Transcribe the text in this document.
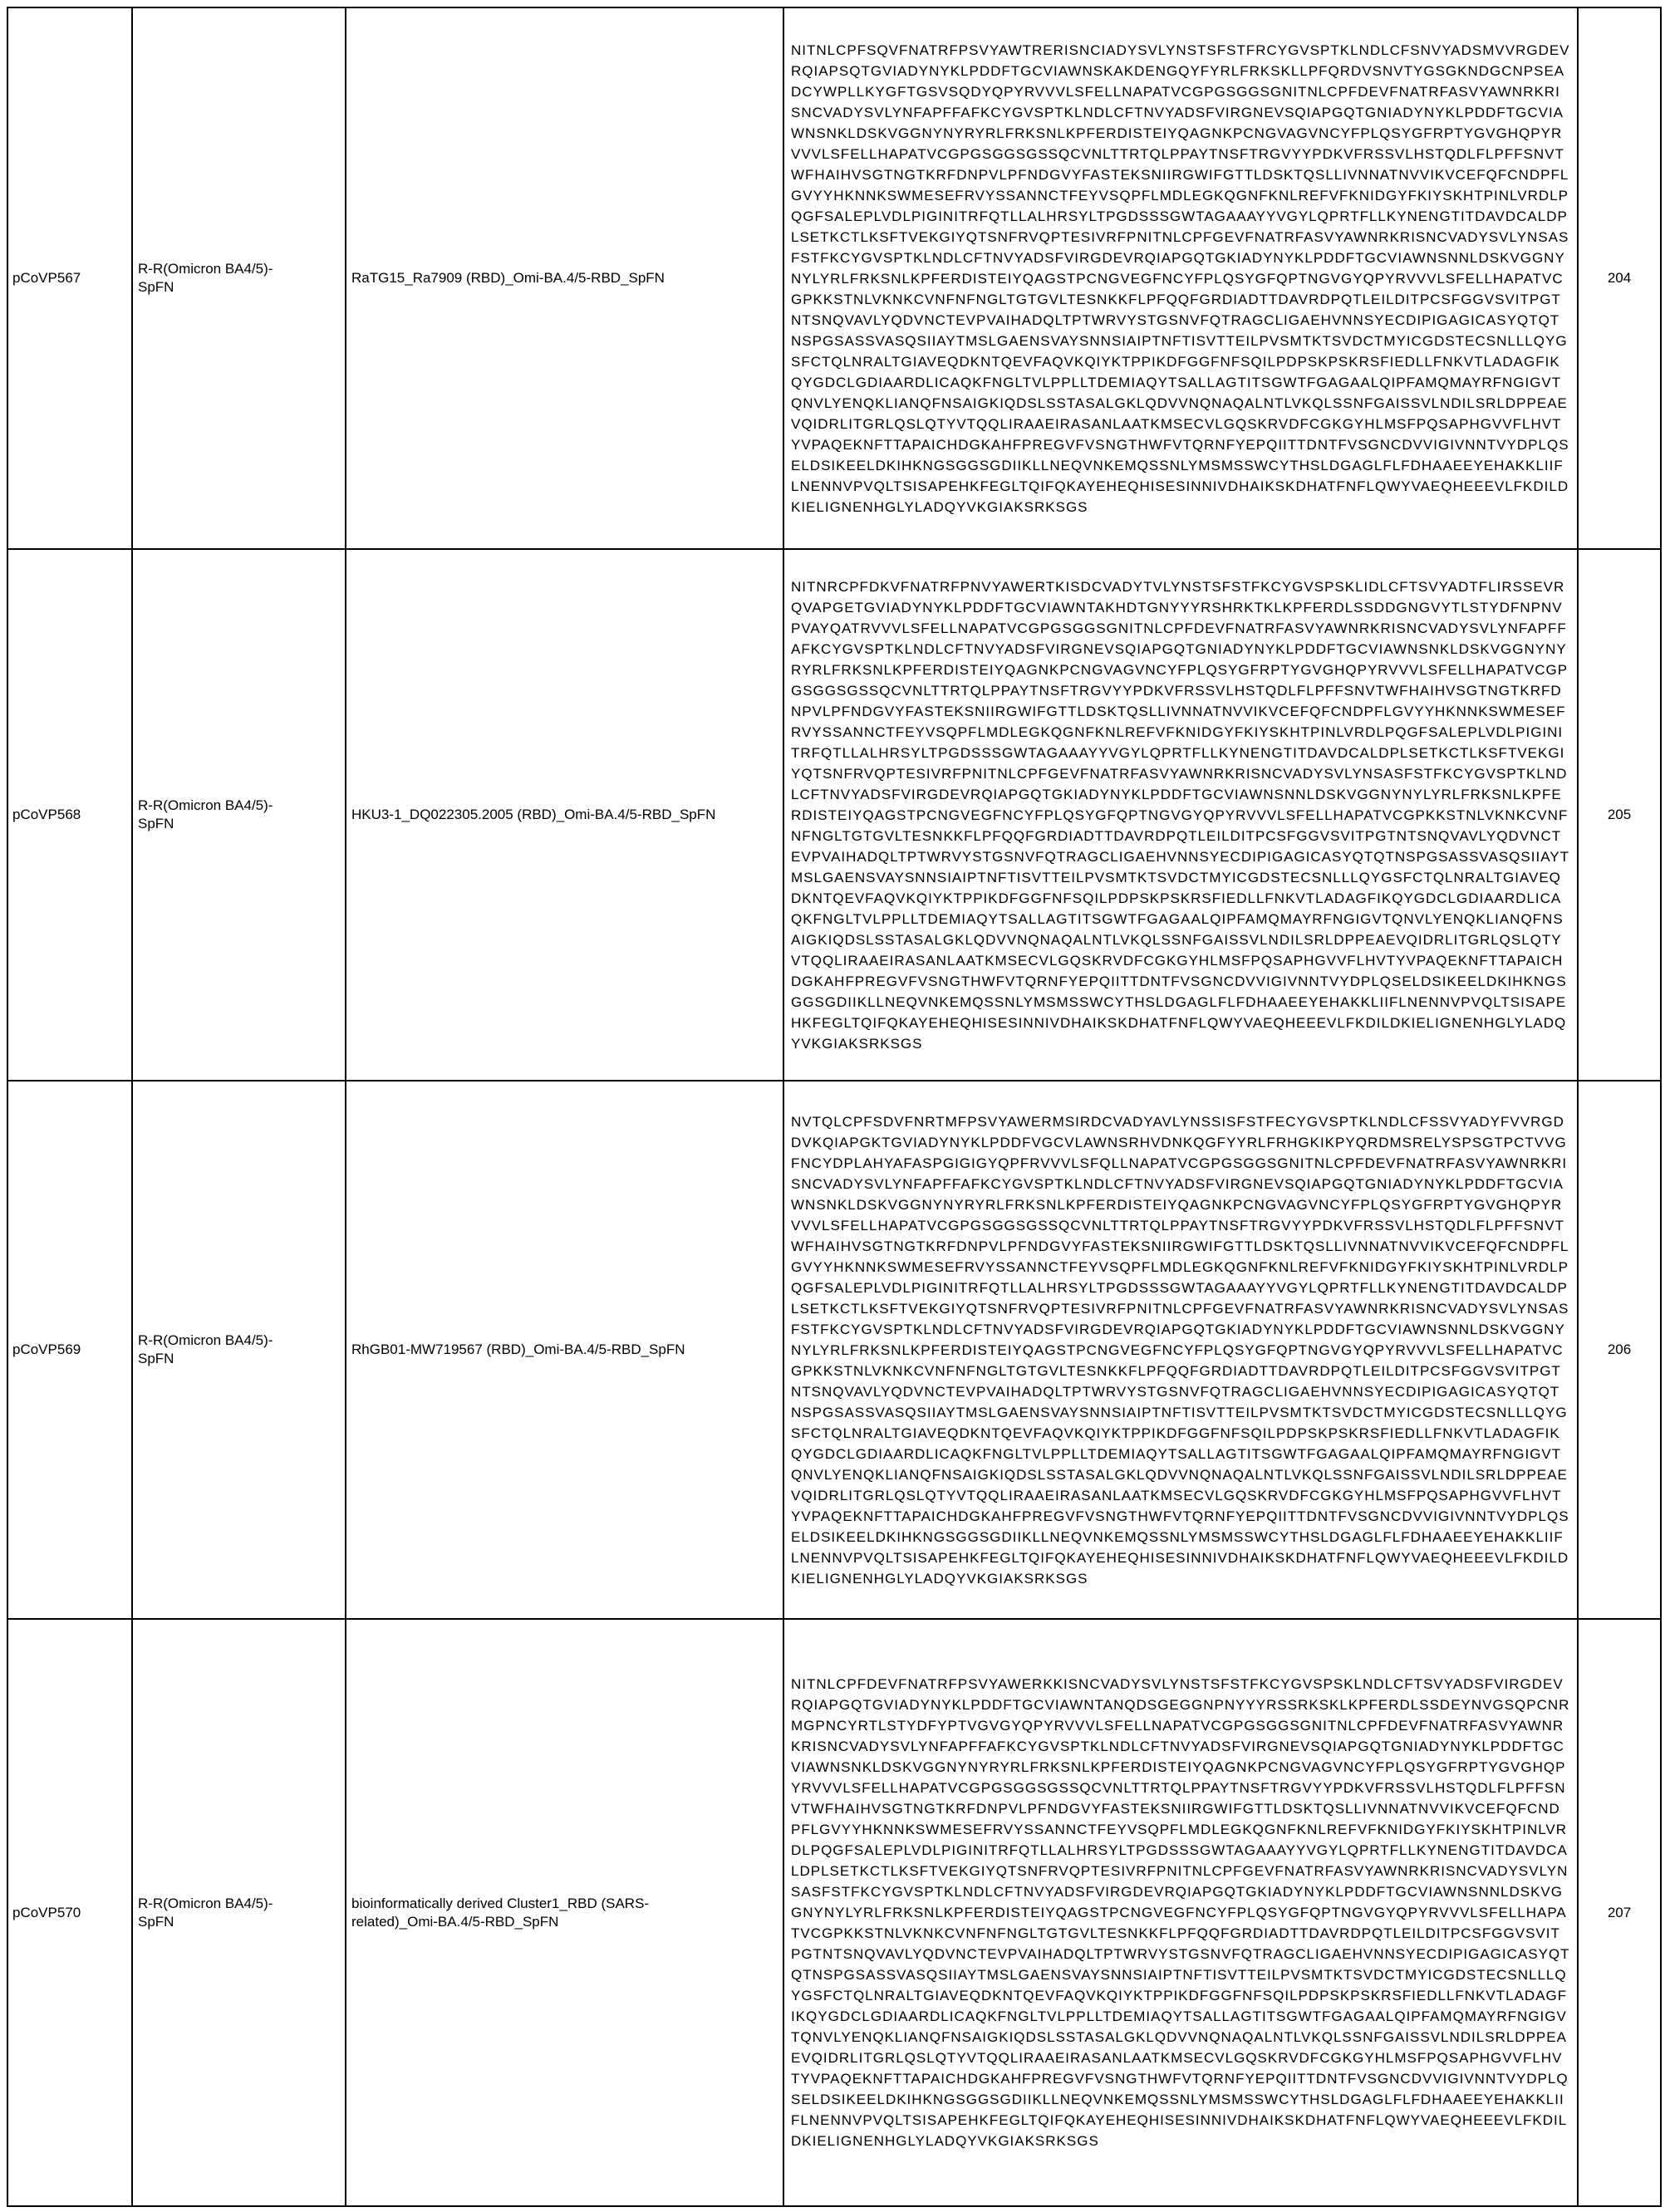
pCoVP567	R-R(Omicron BA4/5)-SpFN	RaTG15_Ra7909 (RBD)_Omi-BA.4/5-RBD_SpFN	NITNLCPFSQVFNATRFPSVYAWTRERISNCIADYSVLYNSTSFSTFRCYGVSPTKLNDLCFSNVYADSMVVRGDEVRQIAPSQTGVIADYNYKLPDDFTGCVIAWNSKAKDENGQYFYRLFRKSKLLPFQRDVSNVTYGSGKNDGCNPSEADCYWPLLKYGFTGSVSQDYQPYRVVVLSFELLNAPATVCGPGSGGSGNITNLCPFDEVFNATRFASVYAWNRKRISNCVADYSVLYNFAPFFAFKCYGVSPTKLNDLCFTNVYADSFVIRGNEVSQIAPGQTGNIADYNYKLPDDFTGCVIAWNSNKLDSKVGGNYNYRYRLFRKSNLKPFERDISTEIYQAGNKPCNGVAGVNCYFPLQSYGFRPTYGVGHQPYRVVVLSFELLHAPATVCGPGSGGSGSSQCVNLTTRTQLPPAYTNSFTRGVYYPDKVFRSSVLHSTQDLFLPFFSNVTWFHAIHVSGTNGTKRFDNPVLPFNDGVYFASTEKSNIIRGWIFGTTLDSKTQSLLIVNNATNVVIKVCEFQFCNDPFLGVYYHKNNKSWMESEFRVYSSANNCTFEYVSQPFLMDLEGKQGNFKNLREFVFKNIDGYFKIYSKHTPINLVRDLPQGFSALEPLVDLPIGINITRFQTLLALHRSYLTPGDSSSGWTAGAAAYYVGYLQPRTFLLKYNENGTITDAVDCALDPLSETKCTLKSFTVEKGIYQTSNFRVQPTESIVRFPNITNLCPFGEVFNATRFASVYAWNRKRISNCVADYSVLYNSASFSTFKCYGVSPTKLNDLCFTNVYADSFVIRGDEVRQIAPGQTGKIADYNYKLPDDFTGCVIAWNSNNLDSKVGGNYNYLYRLFRKSNLKPFERDISTEIYQAGSTPCNGVEGFNCYFPLQSYGFQPTNGVGYQPYRVVVLSFELLHAPATVCGPKKSTNLVKNKCVNFNFNGLTGTGVLTESNKKFLPFQQFGRDIADTTDAVRDPQTLEILDITPCSFGGVSVITPGTNTSNQVAVLYQDVNCTEVPVAIHADQLTPTWRVYSTGSNVFQTRAGCLIGAEHVNNSYECDIPIGAGICASYQTQTNSPGSASSVASQSIIAYTMSLGAENSVAYSNNSIAIPTNFTISVTTEILPVSMTKTSVDCTMYICGDSTECSNLLLQYGSFCTQLNRALTGIAVEQDKNTQEVFAQVKQIYKTPPIKDFGGFNFSQILPDPSKPSKRSFIEDLLFNKVTLADAGFIKQYGDCLGDIAARDLICAQKFNGLTVLPPLLTDEMIAQYTSALLAGTITSGWTFGAGAALQIPFAMQMAYRFNGIGVTQNVLYENQKLIANQFNSAIGKIQDSLSSTASALGKLQDVVNQNAQALNTLVKQLSSNFGAISSVLNDILSRLDPPEAEVQIDRLITGRLQSLQTYVTQQLIRAAEIRASANLAATKMSECVLGQSKRVDFCGKGYHLMSFPQSAPHGVVFLHVTYVPAQEKNFTTAPAICHDGKAHFPREGVFVSNGTHWFVTQRNFYEPQIITTDNTFVSGNCDVVIGIVNNTVYDPLQSELDSIKEELDKIHKNGSGGSGDIIKLLNEQVNKEMQSSNLYMSMSSWCYTHSLDGAGLFLFDHAAEEYEHAKKLIIFLNENNVPVQLTSISAPEHKFEGLTQIFQKAYEHEQHISESINNIVDHAIKSKDHATFNFLQWYVAEQHEEEVLFKDILDKIELIGNENHGLYLADQYVKGIAKSRKSGS	204
pCoVP568	R-R(Omicron BA4/5)-SpFN	HKU3-1_DQ022305.2005 (RBD)_Omi-BA.4/5-RBD_SpFN	NITNRCPFDKVFNATRFPNVYAWERTKISDCVADYTVLYNSTSFSTFKCYGVSPSKLIDLCFTSVYADTFLIRSSEVRQVAPGETGVIADYNYKLPDDFTGCVIAWNTAKHDTGNYYYRSHRKTKLKPFERDLSSDDGNGVYTLSTYDFNPNVPVAYQATRVVVLSFELLNAPATVCGPGSGGSGNITNLCPFDEVFNATRFASVYAWNRKRISNCVADYSVLYNFAPFFAFKCYGVSPTKLNDLCFTNVYADSFVIRGNEVSQIAPGQTGNIADYNYKLPDDFTGCVIAWNSNKLDSKVGGNYNYRYRLFRKSNLKPFERDISTEIYQAGNKPCNGVAGVNCYFPLQSYGFRPTYGVGHQPYRVVVLSFELLHAPATVCGPGSGGSGSSQCVNLTTRTQLPPAYTNSFTRGVYYPDKVFRSSVLHSTQDLFLPFFSNVTWFHAIHVSGTNGTKRFDNPVLPFNDGVYFASTEKSNIIRGWIFGTTLDSKTQSLLIVNNATNVVIKVCEFQFCNDPFLGVYYHKNNKSWMESEFRVYSSANNCTFEYVSQPFLMDLEGKQGNFKNLREFVFKNIDGYFKIYSKHTPINLVRDLPQGFSALEPLVDLPIGINITRFQTLLALHRSYLTPGDSSSGWTAGAAAYYVGYLQPRTFLLKYNENGTITDAVDCALDPLSETKCTLKSFTVEKGIYQTSNFRVQPTESIVRFPNITNLCPFGEVFNATRFASVYAWNRKRISNCVADYSVLYNSASFSTFKCYGVSPTKLNDLCFTNVYADSFVIRGDEVRQIAPGQTGKIADYNYKLPDDFTGCVIAWNSNNLDSKVGGNYNYLYRLFRKSNLKPFERDISTEIYQAGSTPCNGVEGFNCYFPLQSYGFQPTNGVGYQPYRVVVLSFELLHAPATVCGPKKSTNLVKNKCVNFNFNGLTGTGVLTESNKKFLPFQQFGRDIADTTDAVRDPQTLEILDITPCSFGGVSVITPGTNTSNQVAVLYQDVNCTEVPVAIHADQLTPTWRVYSTGSNVFQTRAGCLIGAEHVNNSYECDIPIGAGICASYQTQTNSPGSASSVASQSIIAYTMSLGAENSVAYSNNSIAIPTNFTISVTTEILPVSMTKTSVDCTMYICGDSTECSNLLLQYGSFCTQLNRALTGIAVEQDKNTQEVFAQVKQIYKTPPIKDFGGFNFSQILPDPSKPSKRSFIEDLLFNKVTLADAGFIKQYGDCLGDIAARDLICAQKFNGLTVLPPLLTDEMIAQYTSALLAGTITSGWTFGAGAALQIPFAMQMAYRFNGIGVTQNVLYENQKLIANQFNSAIGKIQDSLSSTASALGKLQDVVNQNAQALNTLVKQLSSNFGAISSVLNDILSRLDPPEAEVQIDRLITGRLQSLQTYVTQQLIRAAEIRASANLAATKMSECVLGQSKRVDFCGKGYHLMSFPQSAPHGVVFLHVTYVPAQEKNFTTAPAICHDGKAHFPREGVFVSNGTHWFVTQRNFYEPQIITTDNTFVSGNCDVVIGIVNNTVYDPLQSELDSIKEELDKIHKNGSGGSGDIIKLLNEQVNKEMQSSNLYMSMSSWCYTHSLDGAGLFLFDHAAEEYEHAKKLIIFLNENNVPVQLTSISAPEHKFEGLTQIFQKAYEHEQHISESINNIVDHAIKSKDHATFNFLQWYVAEQHEEEVLFKDILDKIELIGNENHGLYLADQYVKGIAKSRKSGS	205
pCoVP569	R-R(Omicron BA4/5)-SpFN	RhGB01-MW719567 (RBD)_Omi-BA.4/5-RBD_SpFN	NVTQLCPFSDVFNRTMFPSVYAWERMSIRDCVADYAVLYNSSISFSTFECYGVSPTKLNDLCFSSVYADYFVVRGDDVKQIAPGKTGVIADYNYKLPDDFVGCVLAWNSRHVDNKQGFYYRLFRHGKIKPYQRDMSRELYSPSGTPCTVVGFNCYDPLAHYAFASPGIGIGYQPFRVVVLSFQLLNAPATVCGPGSGGSGNITNLCPFDEVFNATRFASVYAWNRKRISNCVADYSVLYNFAPFFAFKCYGVSPTKLNDLCFTNVYADSFVIRGNEVSQIAPGQTGNIADYNYKLPDDFTGCVIAWNSNKLDSKVGGNYNYRYRLFRKSNLKPFERDISTEIYQAGNKPCNGVAGVNCYFPLQSYGFRPTYGVGHQPYRVVVLSFELLHAPATVCGPGSGGSGSSQCVNLTTRTQLPPAYTNSFTRGVYYPDKVFRSSVLHSTQDLFLPFFSNVTWFHAIHVSGTNGTKRFDNPVLPFNDGVYFASTEKSNIIRGWIFGTTLDSKTQSLLIVNNATNVVIKVCEFQFCNDPFLGVYYHKNNKSWMESEFRVYSSANNCTFEYVSQPFLMDLEGKQGNFKNLREFVFKNIDGYFKIYSKHTPINLVRDLPQGFSALEPLVDLPIGINITRFQTLLALHRSYLTPGDSSSGWTAGAAAYYVGYLQPRTFLLKYNENGTITDAVDCALDPLSETKCTLKSFTVEKGIYQTSNFRVQPTESIVRFPNITNLCPFGEVFNATRFASVYAWNRKRISNCVADYSVLYNSASFSTFKCYGVSPTKLNDLCFTNVYADSFVIRGDEVRQIAPGQTGKIADYNYKLPDDFTGCVIAWNSNNLDSKVGGNYNYLYRLFRKSNLKPFERDISTEIYQAGSTPCNGVEGFNCYFPLQSYGFQPTNGVGYQPYRVVVLSFELLHAPATVCGPKKSTNLVKNKCVNFNFNGLTGTGVLTESNKKFLPFQQFGRDIADTTDAVRDPQTLEILDITPCSFGGVSVITPGTNTSNQVAVLYQDVNCTEVPVAIHADQLTPTWRVYSTGSNVFQTRAGCLIGAEHVNNSYECDIPIGAGICASYQTQTNSPGSASSVASQSIIAYTMSLGAENSVAYSNNSIAIPTNFTISVTTEILPVSMTKTSVDCTMYICGDSTECSNLLLQYGSFCTQLNRALTGIAVEQDKNTQEVFAQVKQIYKTPPIKDFGGFNFSQILPDPSKPSKRSFIEDLLFNKVTLADAGFIKQYGDCLGDIAARDLICAQKFNGLTVLPPLLTDEMIAQYTSALLAGTITSGWTFGAGAALQIPFAMQMAYRFNGIGVTQNVLYENQKLIANQFNSAIGKIQDSLSSTASALGKLQDVVNQNAQALNTLVKQLSSNFGAISSVLNDILSRLDPPEAEVQIDRLITGRLQSLQTYVTQQLIRAAEIRASANLAATKMSECVLGQSKRVDFCGKGYHLMSFPQSAPHGVVFLHVTYVPAQEKNFTTAPAICHDGKAHFPREGVFVSNGTHWFVTQRNFYEPQIITTDNTFVSGNCDVVIGIVNNTVYDPLQSELDSIKEELDKIHKNGSGGSGDIIKLLNEQVNKEMQSSNLYMSMSSWCYTHSLDGAGLFLFDHAAEEYEHAKKLIIFLNENNVPVQLTSISAPEHKFEGLTQIFQKAYEHEQHISESINNIVDHAIKSKDHATFNFLQWYVAEQHEEEVLFKDILDKIELIGNENHGLYLADQYVKGIAKSRKSGS	206
pCoVP570	R-R(Omicron BA4/5)-SpFN	bioinformatically derived Cluster1_RBD (SARS-related)_Omi-BA.4/5-RBD_SpFN	NITNLCPFDEVFNATRFPSVYAWERKKISNCVADYSVLYNSTSFSTFKCYGVSPSKLNDLCFTSVYADSFVIRGDEVRQIAPGQTGVIADYNYKLPDDFTGCVIAWNTANQDSGEGGNPNYYYRSSRKSKLKPFERDLSSDEYNVGSQPCNRMGPNCYRTLSTYDFYPTVGVGYQPYRVVVLSFELLNAPATVCGPGSGGSGNITNLCPFDEVFNATRFASVYAWNRKRISNCVADYSVLYNFAPFFAFKCYGVSPTKLNDLCFTNVYADSFVIRGNEVSQIAPGQTGNIADYNYKLPDDFTGCVIAWNSNKLDSKVGGNYNYRYRLFRKSNLKPFERDISTEIYQAGNKPCNGVAGVNCYFPLQSYGFRPTYGVGHQPYRVVVLSFELLHAPATVCGPGSGGSGSSQCVNLTTRTQLPPAYTNSFTRGVYYPDKVFRSSVLHSTQDLFLPFFSNVTWFHAIHVSGTNGTKRFDNPVLPFNDGVYFASTEKSNIIRGWIFGTTLDSKTQSLLIVNNATNVVIKVCEFQFCNDPFLGVYYHKNNKSWMESEFRVYSSANNCTFEYVSQPFLMDLEGKQGNFKNLREFVFKNIDGYFKIYSKHTPINLVRDLPQGFSALEPLVDLPIGINITRFQTLLALHRSYLTPGDSSSGWTAGAAAYYVGYLQPRTFLLKYNENGTITDAVDCALDPLSETKCTLKSFTVEKGIYQTSNFRVQPTESIVRFPNITNLCPFGEVFNATRFASVYAWNRKRISNCVADYSVLYNSASFSTFKCYGVSPTKLNDLCFTNVYADSFVIRGDEVRQIAPGQTGKIADYNYKLPDDFTGCVIAWNSNNLDSKVGGNYNYLYRLFRKSNLKPFERDISTEIYQAGSTPCNGVEGFNCYFPLQSYGFQPTNGVGYQPYRVVVLSFELLHAPATVCGPKKSTNLVKNKCVNFNFNGLTGTGVLTESNKKFLPFQQFGRDIADTTDAVRDPQTLEILDITPCSFGGVSVITPGTNTSNQVAVLYQDVNCTEVPVAIHADQLTPTWRVYSTGSNVFQTRAGCLIGAEHVNNSYECDIPIGAGICASYQTQTNSPGSASSVASQSIIAYTMSLGAENSVAYSNNSIAIPTNFTISVTTEILPVSMTKTSVDCTMYICGDSTECSNLLLQYGSFCTQLNRALTGIAVEQDKNTQEVFAQVKQIYKTPPIKDFGGFNFSQILPDPSKPSKRSFIEDLLFNKVTLADAGFIKQYGDCLGDIAARDLICAQKFNGLTVLPPLLTDEMIAQYTSALLAGTITSGWTFGAGAALQIPFAMQMAYRFNGIGVTQNVLYENQKLIANQFNSAIGKIQDSLSSTASALGKLQDVVNQNAQALNTLVKQLSSNFGAISSVLNDILSRLDPPEAEVQIDRLITGRLQSLQTYVTQQLIRAAEIRASANLAATKMSECVLGQSKRVDFCGKGYHLMSFPQSAPHGVVFLHVTYVPAQEKNFTTAPAICHDGKAHFPREGVFVSNGTHWFVTQRNFYEPQIITTDNTFVSGNCDVVIGIVNNTVYDPLQSELDSIKEELDKIHKNGSGGSGDIIKLLNEQVNKEMQSSNLYMSMSSWCYTHSLDGAGLFLFDHAAEEYEHAKKLIIFLNENNVPVQLTSISAPEHKFEGLTQIFQKAYEHEQHISESINNIVDHAIKSKDHATFNFLQWYVAEQHEEEVLFKDILDKIELIGNENHGLYLADQYVKGIAKSRKSGS	207
